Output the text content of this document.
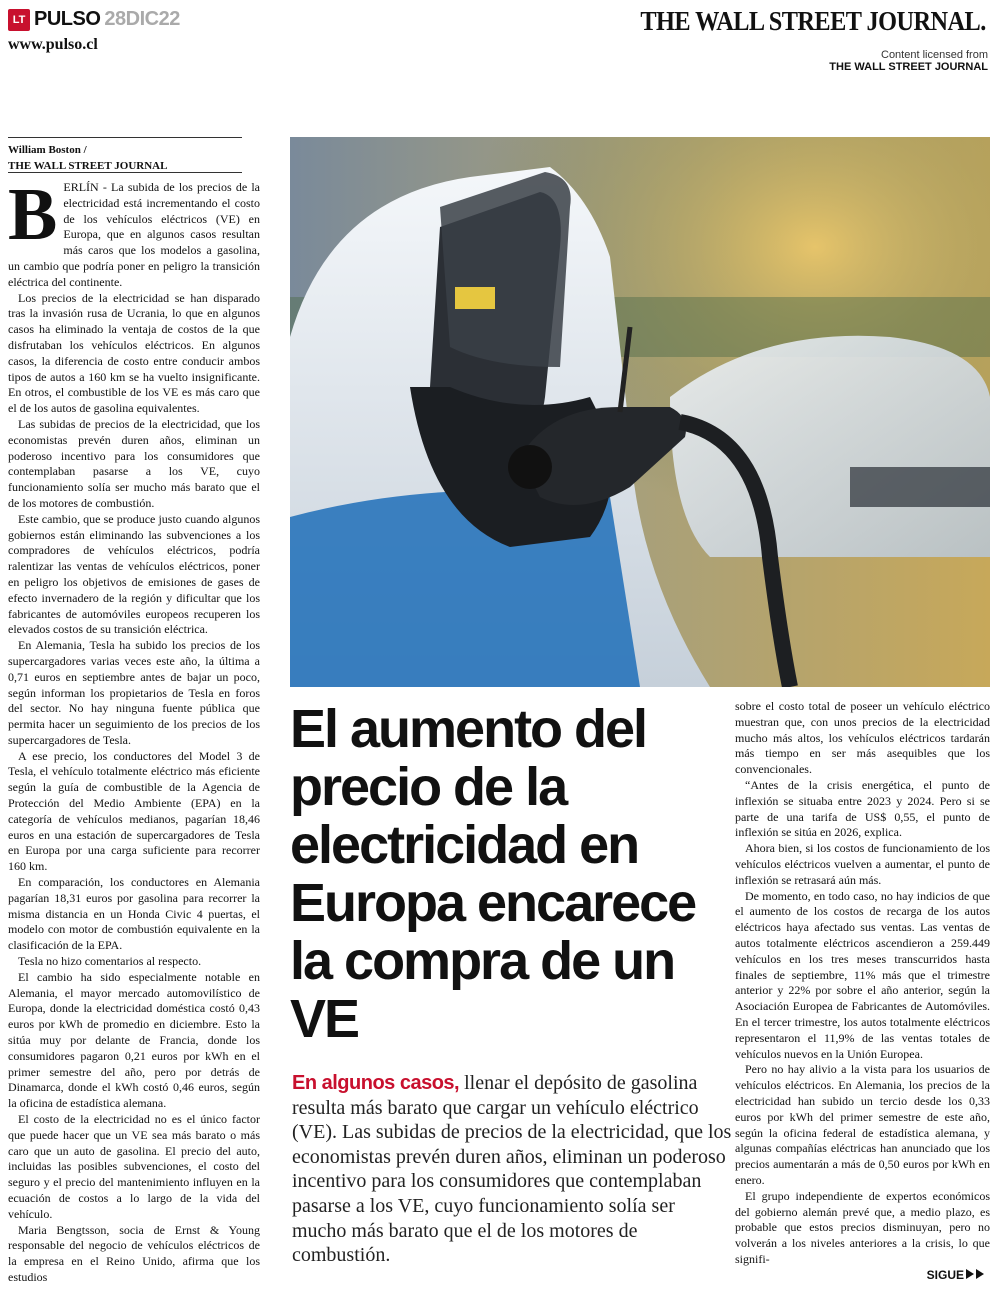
LT PULSO 28DIC22
www.pulso.cl
THE WALL STREET JOURNAL.
Content licensed from
THE WALL STREET JOURNAL
William Boston /
THE WALL STREET JOURNAL

BERLÍN - La subida de los precios de la electricidad está incrementando el costo de los vehículos eléctricos (VE) en Europa, que en algunos casos resultan más caros que los modelos a gasolina, un cambio que podría poner en peligro la transición eléctrica del continente.

Los precios de la electricidad se han disparado tras la invasión rusa de Ucrania, lo que en algunos casos ha eliminado la ventaja de costos de la que disfrutaban los vehículos eléctricos. En algunos casos, la diferencia de costo entre conducir ambos tipos de autos a 160 km se ha vuelto insignificante. En otros, el combustible de los VE es más caro que el de los autos de gasolina equivalentes.

Las subidas de precios de la electricidad, que los economistas prevén duren años, eliminan un poderoso incentivo para los consumidores que contemplaban pasarse a los VE, cuyo funcionamiento solía ser mucho más barato que el de los motores de combustión.

Este cambio, que se produce justo cuando algunos gobiernos están eliminando las subvenciones a los compradores de vehículos eléctricos, podría ralentizar las ventas de vehículos eléctricos, poner en peligro los objetivos de emisiones de gases de efecto invernadero de la región y dificultar que los fabricantes de automóviles europeos recuperen los elevados costos de su transición eléctrica.

En Alemania, Tesla ha subido los precios de los supercargadores varias veces este año, la última a 0,71 euros en septiembre antes de bajar un poco, según informan los propietarios de Tesla en foros del sector. No hay ninguna fuente pública que permita hacer un seguimiento de los precios de los supercargadores de Tesla.

A ese precio, los conductores del Model 3 de Tesla, el vehículo totalmente eléctrico más eficiente según la guía de combustible de la Agencia de Protección del Medio Ambiente (EPA) en la categoría de vehículos medianos, pagarían 18,46 euros en una estación de supercargadores de Tesla en Europa por una carga suficiente para recorrer 160 km.

En comparación, los conductores en Alemania pagarían 18,31 euros por gasolina para recorrer la misma distancia en un Honda Civic 4 puertas, el modelo con motor de combustión equivalente en la clasificación de la EPA.

Tesla no hizo comentarios al respecto.

El cambio ha sido especialmente notable en Alemania, el mayor mercado automovilístico de Europa, donde la electricidad doméstica costó 0,43 euros por kWh de promedio en diciembre. Esto la sitúa muy por delante de Francia, donde los consumidores pagaron 0,21 euros por kWh en el primer semestre del año, pero por detrás de Dinamarca, donde el kWh costó 0,46 euros, según la oficina de estadística alemana.

El costo de la electricidad no es el único factor que puede hacer que un VE sea más barato o más caro que un auto de gasolina. El precio del auto, incluidas las posibles subvenciones, el costo del seguro y el precio del mantenimiento influyen en la ecuación de costos a lo largo de la vida del vehículo.

Maria Bengtsson, socia de Ernst & Young responsable del negocio de vehículos eléctricos de la empresa en el Reino Unido, afirma que los estudios

El aumento del precio de la electricidad en Europa encarece la compra de un VE

En algunos casos, llenar el depósito de gasolina resulta más barato que cargar un vehículo eléctrico (VE). Las subidas de precios de la electricidad, que los economistas prevén duren años, eliminan un poderoso incentivo para los consumidores que contemplaban pasarse a los VE, cuyo funcionamiento solía ser mucho más barato que el de los motores de combustión.

sobre el costo total de poseer un vehículo eléctrico muestran que, con unos precios de la electricidad mucho más altos, los vehículos eléctricos tardarán más tiempo en ser más asequibles que los convencionales.

“Antes de la crisis energética, el punto de inflexión se situaba entre 2023 y 2024. Pero si se parte de una tarifa de US$ 0,55, el punto de inflexión se sitúa en 2026, explica.

Ahora bien, si los costos de funcionamiento de los vehículos eléctricos vuelven a aumentar, el punto de inflexión se retrasará aún más.

De momento, en todo caso, no hay indicios de que el aumento de los costos de recarga de los autos eléctricos haya afectado sus ventas. Las ventas de autos totalmente eléctricos ascendieron a 259.449 vehículos en los tres meses transcurridos hasta finales de septiembre, 11% más que el trimestre anterior y 22% por sobre el año anterior, según la Asociación Europea de Fabricantes de Automóviles. En el tercer trimestre, los autos totalmente eléctricos representaron el 11,9% de las ventas totales de vehículos nuevos en la Unión Europea.

Pero no hay alivio a la vista para los usuarios de vehículos eléctricos. En Alemania, los precios de la electricidad han subido un tercio desde los 0,33 euros por kWh del primer semestre de este año, según la oficina federal de estadística alemana, y algunas compañías eléctricas han anunciado que los precios aumentarán a más de 0,50 euros por kWh en enero.

El grupo independiente de expertos económicos del gobierno alemán prevé que, a medio plazo, es probable que estos precios disminuyan, pero no volverán a los niveles anteriores a la crisis, lo que signifi-

SIGUE
